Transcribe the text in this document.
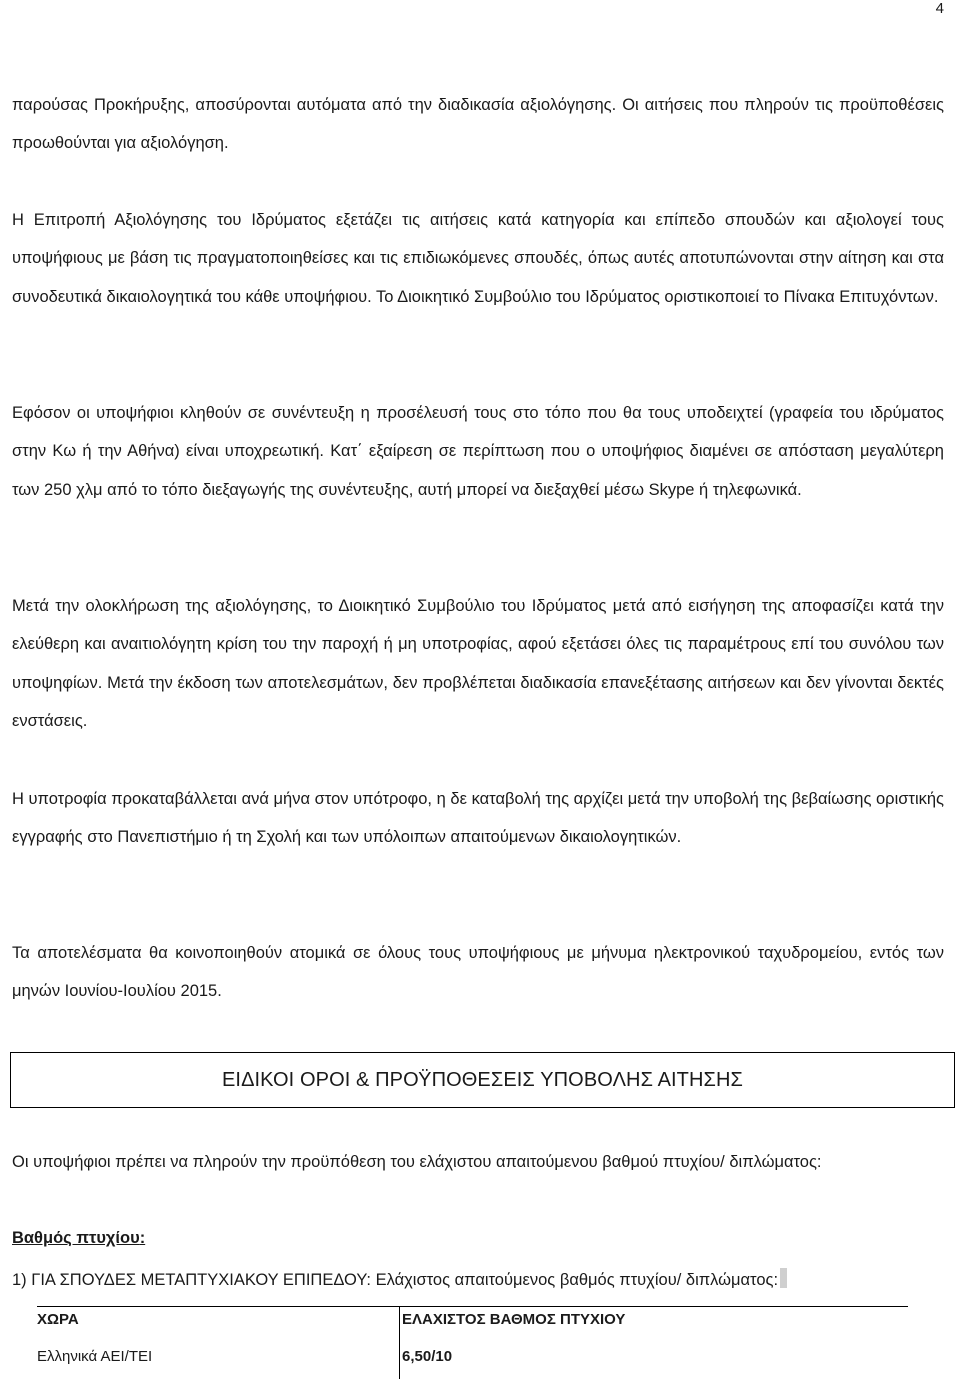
4

παρούσας Προκήρυξης, αποσύρονται αυτόματα από την διαδικασία αξιολόγησης. Οι αιτήσεις που πληρούν τις προϋποθέσεις προωθούνται για αξιολόγηση.

Η Επιτροπή Αξιολόγησης του Ιδρύματος εξετάζει τις αιτήσεις κατά κατηγορία και επίπεδο σπουδών και αξιολογεί τους υποψήφιους με βάση τις πραγματοποιηθείσες και τις επιδιωκόμενες σπουδές, όπως αυτές αποτυπώνονται στην αίτηση και στα συνοδευτικά δικαιολογητικά του κάθε υποψήφιου. Το Διοικητικό Συμβούλιο του Ιδρύματος οριστικοποιεί το Πίνακα Επιτυχόντων.

Εφόσον οι υποψήφιοι κληθούν σε συνέντευξη η προσέλευσή τους στο τόπο που θα τους υποδειχτεί (γραφεία του ιδρύματος στην Κω ή την Αθήνα) είναι υποχρεωτική. Κατ΄ εξαίρεση σε περίπτωση που ο υποψήφιος διαμένει σε απόσταση μεγαλύτερη των 250 χλμ από το τόπο διεξαγωγής της συνέντευξης, αυτή μπορεί να διεξαχθεί μέσω Skype ή τηλεφωνικά.

Μετά την ολοκλήρωση της αξιολόγησης, το Διοικητικό Συμβούλιο του Ιδρύματος μετά από εισήγηση της αποφασίζει κατά την ελεύθερη και αναιτιολόγητη κρίση του την παροχή ή μη υποτροφίας, αφού εξετάσει όλες τις παραμέτρους επί του συνόλου των υποψηφίων. Μετά την έκδοση των αποτελεσμάτων, δεν προβλέπεται διαδικασία επανεξέτασης αιτήσεων και δεν γίνονται δεκτές ενστάσεις.

Η υποτροφία προκαταβάλλεται ανά μήνα στον υπότροφο, η δε καταβολή της αρχίζει μετά την υποβολή της βεβαίωσης οριστικής εγγραφής στο Πανεπιστήμιο ή τη Σχολή και των υπόλοιπων απαιτούμενων δικαιολογητικών.

Τα αποτελέσματα θα κοινοποιηθούν ατομικά σε όλους τους υποψήφιους με μήνυμα ηλεκτρονικού ταχυδρομείου, εντός των μηνών Ιουνίου-Ιουλίου 2015.

ΕΙΔΙΚΟΙ ΟΡΟΙ & ΠΡΟΫΠΟΘΕΣΕΙΣ ΥΠΟΒΟΛΗΣ ΑΙΤΗΣΗΣ

Οι υποψήφιοι πρέπει να πληρούν την προϋπόθεση του ελάχιστου απαιτούμενου βαθμού πτυχίου/ διπλώματος:

Βαθμός πτυχίου:

1) ΓΙΑ ΣΠΟΥΔΕΣ ΜΕΤΑΠΤΥΧΙΑΚΟΥ ΕΠΙΠΕΔΟΥ: Ελάχιστος απαιτούμενος βαθμός πτυχίου/ διπλώματος:

ΧΩΡΑ	ΕΛΑΧΙΣΤΟΣ ΒΑΘΜΟΣ ΠΤΥΧΙΟΥ

Ελληνικά ΑΕΙ/ΤΕΙ	6,50/10
